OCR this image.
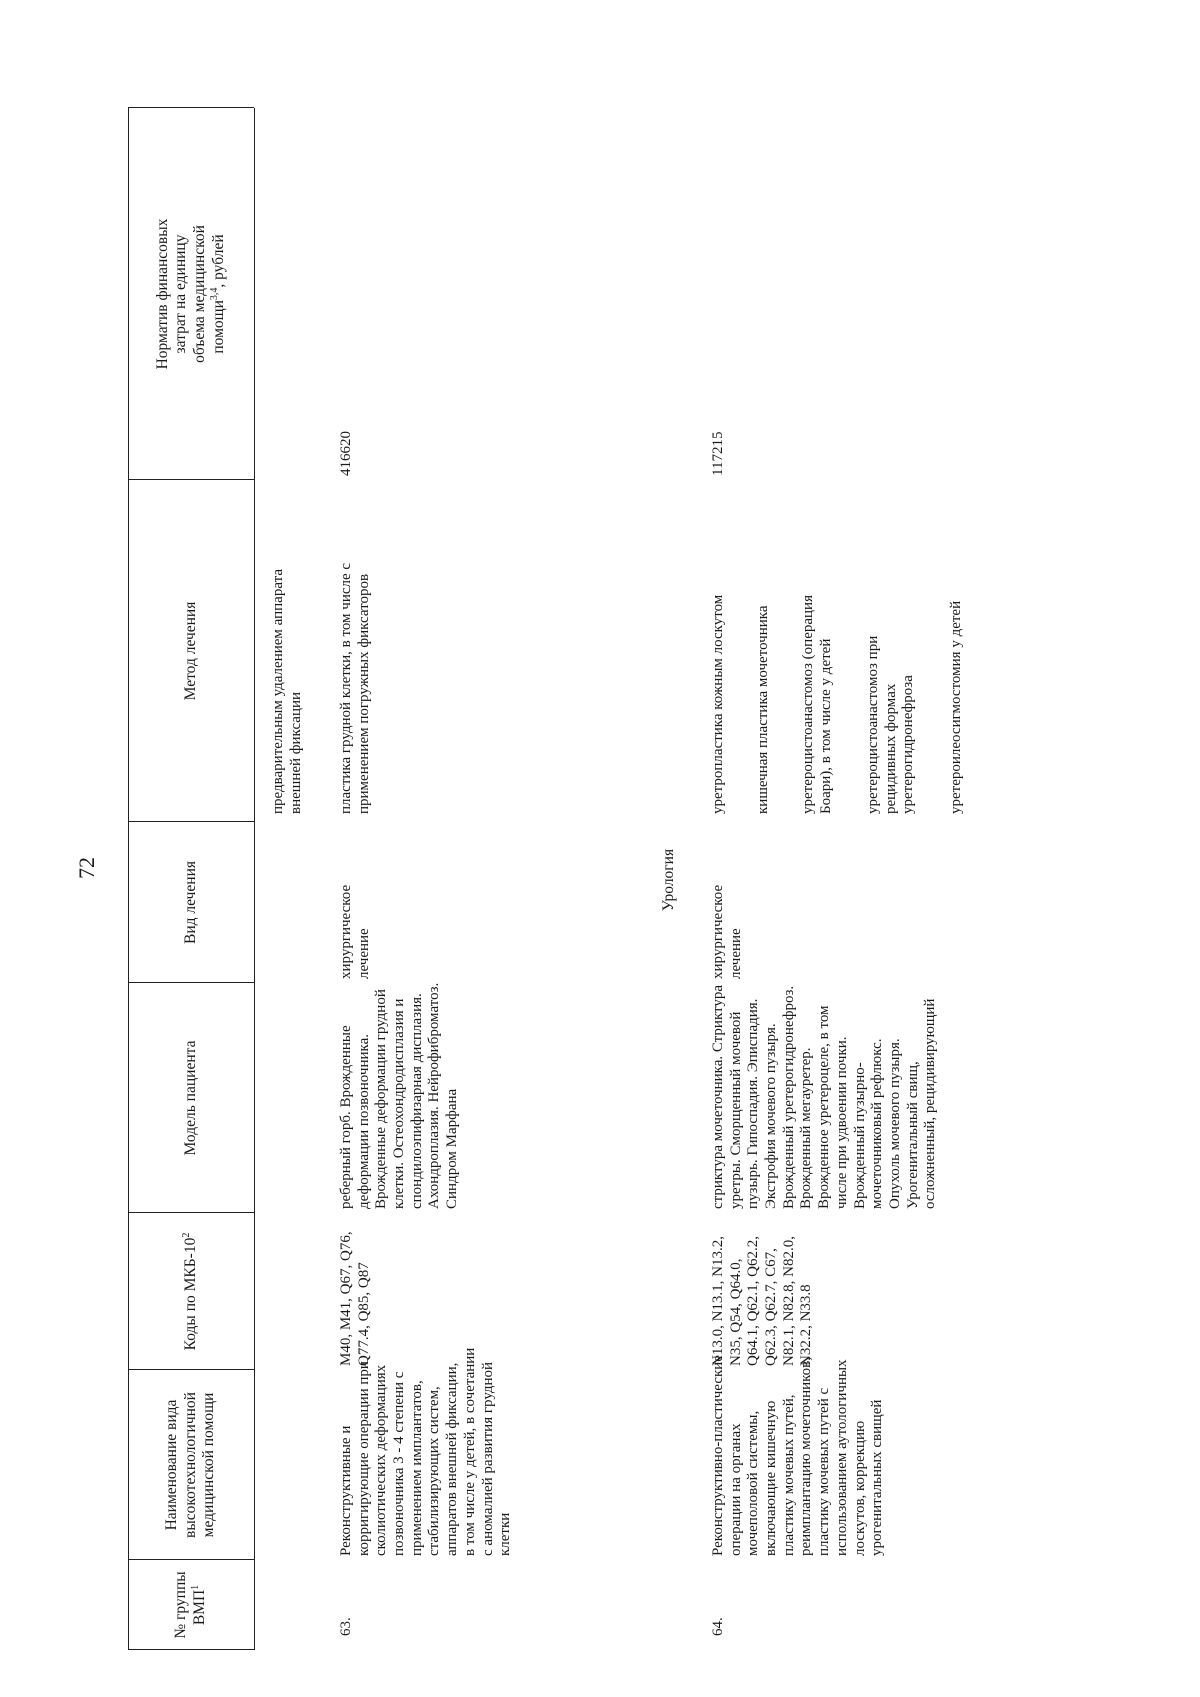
72
№ группы ВМП$^1$
Наименование вида высокотехнологичной медицинской помощи
Коды по МКБ-$10^2$
Модель пациента
Вид лечения
Метод лечения
Норматив финансовых затрат на единицу объема медицинской помощи$^{3,4}$, рублей
предварительным удалением аппарата
внешней фиксации
63.
Реконструктивные и
корригирующие операции при
сколиотических деформациях
позвоночника 3 - 4 степени с
применением имплантатов,
стабилизирующих систем,
аппаратов внешней фиксации,
в том числе у детей, в сочетании
с аномалией развития грудной
клетки
M40, M41, Q67, Q76,
Q77.4, Q85, Q87
реберный горб. Врожденные
деформации позвоночника.
Врожденные деформации грудной
клетки. Остеохондродисплазия и
спондилоэпифизарная дисплазия.
Ахондроплазия. Нейрофиброматоз.
Синдром Марфана
хирургическое
лечение
пластика грудной клетки, в том числе с
применением погружных фиксаторов
416620
Урология
64.
Реконструктивно-пластические
операции на органах
мочеполовой системы,
включающие кишечную
пластику мочевых путей,
реимплантацию мочеточников,
пластику мочевых путей с
использованием аутологичных
лоскутов, коррекцию
урогенитальных свищей
N13.0, N13.1, N13.2,
N35, Q54, Q64.0,
Q64.1, Q62.1, Q62.2,
Q62.3, Q62.7, C67,
N82.1, N82.8, N82.0,
N32.2, N33.8
стриктура мочеточника. Стриктура
уретры. Сморщенный мочевой
пузырь. Гипоспадия. Эписпадия.
Экстрофия мочевого пузыря.
Врожденный уретерогидронефроз.
Врожденный мегауретер.
Врожденное уретероцеле, в том
числе при удвоении почки.
Врожденный пузырно-
мочеточниковый рефлюкс.
Опухоль мочевого пузыря.
Урогенитальный свищ,
осложненный, рецидивирующий
хирургическое
лечение
уретропластика кожным лоскутом кишечная пластика мочеточника уретероцистоанастомоз (операция
Боари), в том числе у детей
уретероцистоанастомоз при
рецидивных формах
уретерогидронефроза уретероилеосигмостомия у детей
117215
